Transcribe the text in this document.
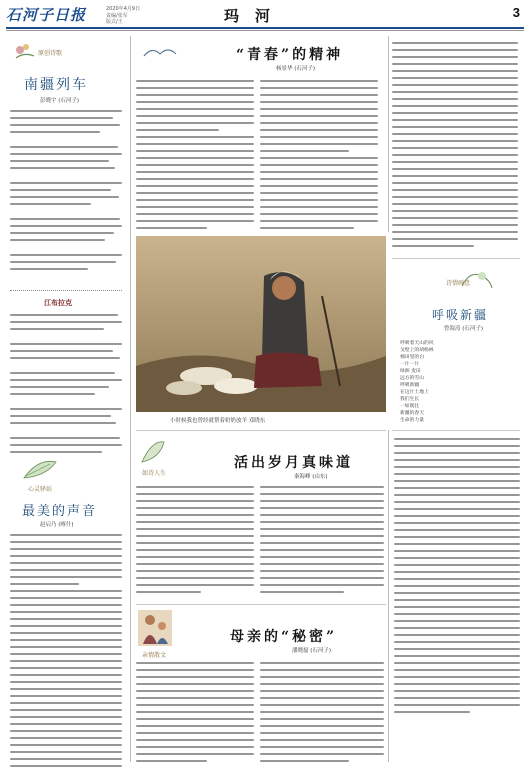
石河子日报	2020年4月9日
责编/张军
版式/王	玛河	3
原创诗歌
南疆列车
彭晓宇 (石河子)
江布拉克
心灵驿站
最美的声音
赵启乃 (喀什)
“青春”的精神
杨景华 (石河子)
小时候我也曾经就帮着奶奶放羊 邓晓东
诗情画意
呼吸新疆
曾海涛 (石河子)
呼吸着天山的风
戈壁上的胡杨林
棉田里的白
一片一片
绿洲 麦田
远方的雪山
呼吸新疆
在这片土地上
我们生长
一如既往
新疆的春天
生命的力量
如诗人生
活出岁月真味道
秦海峰 (山东)
亲情散文
母亲的“秘密”
潘晓磊 (石河子)
